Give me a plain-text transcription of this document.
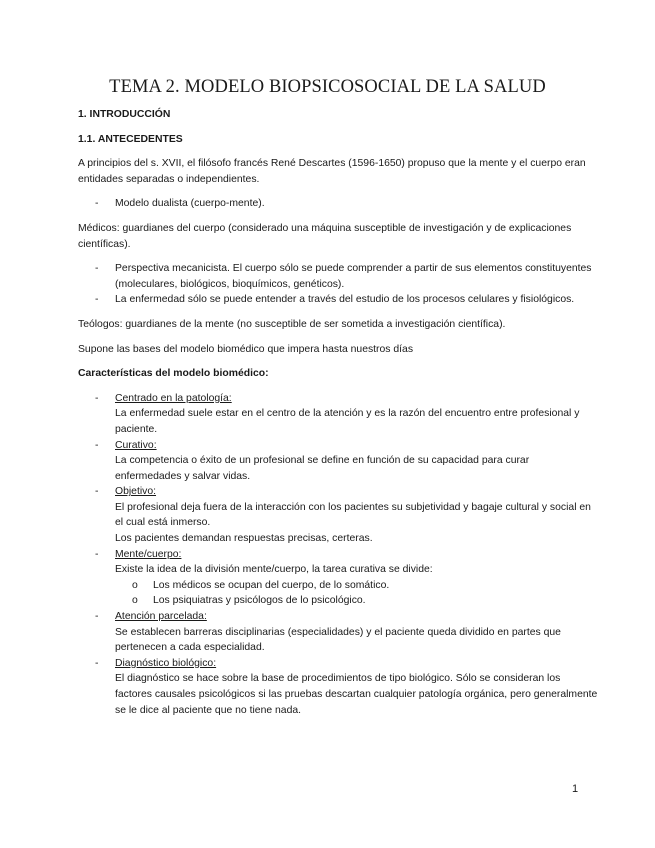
TEMA 2. MODELO BIOPSICOSOCIAL DE LA SALUD
1. INTRODUCCIÓN
1.1. ANTECEDENTES

A principios del s. XVII, el filósofo francés René Descartes (1596-1650) propuso que la mente y el cuerpo eran entidades separadas o independientes.

- Modelo dualista (cuerpo-mente).

Médicos: guardianes del cuerpo (considerado una máquina susceptible de investigación y de explicaciones científicas).

- Perspectiva mecanicista. El cuerpo sólo se puede comprender a partir de sus elementos constituyentes (moleculares, biológicos, bioquímicos, genéticos).
- La enfermedad sólo se puede entender a través del estudio de los procesos celulares y fisiológicos.

Teólogos: guardianes de la mente (no susceptible de ser sometida a investigación científica).

Supone las bases del modelo biomédico que impera hasta nuestros días

Características del modelo biomédico:
- Centrado en la patología:
La enfermedad suele estar en el centro de la atención y es la razón del encuentro entre profesional y paciente.
- Curativo:
La competencia o éxito de un profesional se define en función de su capacidad para curar enfermedades y salvar vidas.
- Objetivo:
El profesional deja fuera de la interacción con los pacientes su subjetividad y bagaje cultural y social en el cual está inmerso.
Los pacientes demandan respuestas precisas, certeras.
- Mente/cuerpo:
Existe la idea de la división mente/cuerpo, la tarea curativa se divide:
o Los médicos se ocupan del cuerpo, de lo somático.
o Los psiquiatras y psicólogos de lo psicológico.
- Atención parcelada:
Se establecen barreras disciplinarias (especialidades) y el paciente queda dividido en partes que pertenecen a cada especialidad.
- Diagnóstico biológico:
El diagnóstico se hace sobre la base de procedimientos de tipo biológico. Sólo se consideran los factores causales psicológicos si las pruebas descartan cualquier patología orgánica, pero generalmente se le dice al paciente que no tiene nada.
1
